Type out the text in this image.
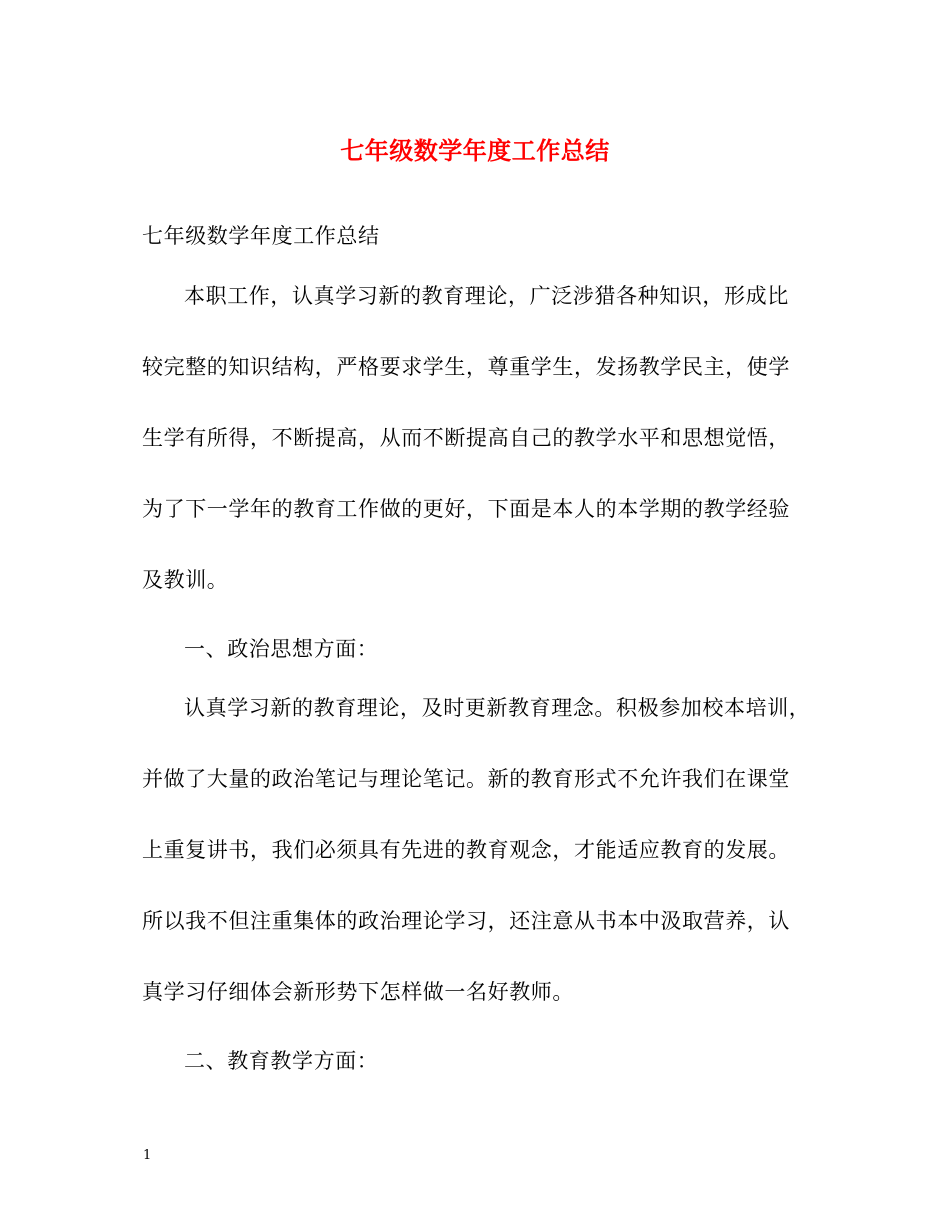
七年级数学年度工作总结
七年级数学年度工作总结
本职工作，认真学习新的教育理论，广泛涉猎各种知识，形成比
较完整的知识结构，严格要求学生，尊重学生，发扬教学民主，使学
生学有所得，不断提高，从而不断提高自己的教学水平和思想觉悟，
为了下一学年的教育工作做的更好，下面是本人的本学期的教学经验
及教训。
一、政治思想方面：
认真学习新的教育理论，及时更新教育理念。积极参加校本培训，
并做了大量的政治笔记与理论笔记。新的教育形式不允许我们在课堂
上重复讲书，我们必须具有先进的教育观念，才能适应教育的发展。
所以我不但注重集体的政治理论学习，还注意从书本中汲取营养，认
真学习仔细体会新形势下怎样做一名好教师。
二、教育教学方面：
1
